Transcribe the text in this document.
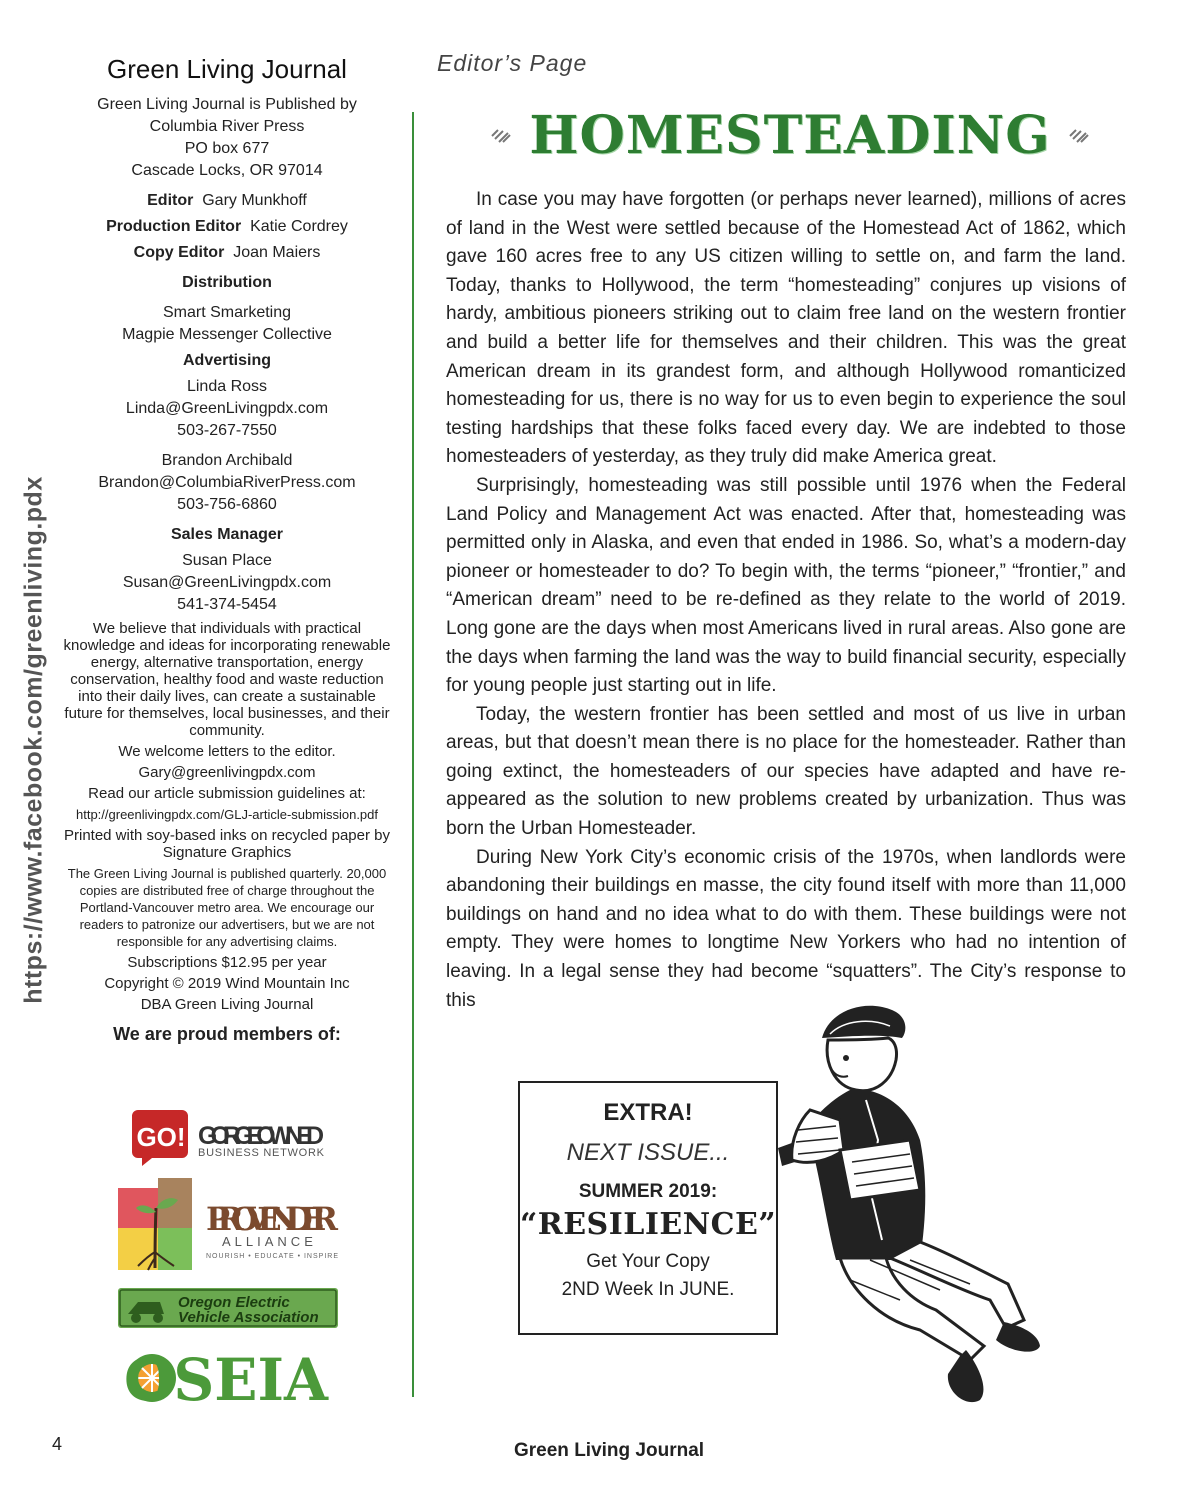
https://www.facebook.com/greenliving.pdx
Green Living Journal
Green Living Journal is Published by
Columbia River Press
PO box 677
Cascade Locks, OR 97014
Editor Gary Munkhoff
Production Editor Katie Cordrey
Copy Editor Joan Maiers
Distribution
Smart Smarketing
Magpie Messenger Collective
Advertising
Linda Ross
Linda@GreenLivingpdx.com
503-267-7550
Brandon Archibald
Brandon@ColumbiaRiverPress.com
503-756-6860
Sales Manager
Susan Place
Susan@GreenLivingpdx.com
541-374-5454
We believe that individuals with practical knowledge and ideas for incorporating renewable energy, alternative transportation, energy conservation, healthy food and waste reduction into their daily lives, can create a sustainable future for themselves, local businesses, and their community.
We welcome letters to the editor.
Gary@greenlivingpdx.com
Read our article submission guidelines at:
http://greenlivingpdx.com/GLJ-article-submission.pdf
Printed with soy-based inks on recycled paper by Signature Graphics
The Green Living Journal is published quarterly. 20,000 copies are distributed free of charge throughout the Portland-Vancouver metro area. We encourage our readers to patronize our advertisers, but we are not responsible for any advertising claims.
Subscriptions $12.95 per year
Copyright © 2019 Wind Mountain Inc
DBA Green Living Journal
We are proud members of:
GO! GORGE OWNED
BUSINESS NETWORK
PROVENDER
ALLIANCE
NOURISH • EDUCATE • INSPIRE
Oregon Electric
Vehicle Association
OSEIA
Editor’s Page
HOMESTEADING

In case you may have forgotten (or perhaps never learned), millions of acres of land in the West were settled because of the Homestead Act of 1862, which gave 160 acres free to any US citizen willing to settle on, and farm the land. Today, thanks to Hollywood, the term “homesteading” conjures up visions of hardy, ambitious pioneers striking out to claim free land on the western frontier and build a better life for themselves and their children. This was the great American dream in its grandest form, and although Hollywood romanticized homesteading for us, there is no way for us to even begin to experience the soul testing hardships that these folks faced every day. We are indebted to those homesteaders of yesterday, as they truly did make America great.

Surprisingly, homesteading was still possible until 1976 when the Federal Land Policy and Management Act was enacted. After that, homesteading was permitted only in Alaska, and even that ended in 1986. So, what’s a modern-day pioneer or homesteader to do? To begin with, the terms “pioneer,” “frontier,” and “American dream” need to be re-defined as they relate to the world of 2019. Long gone are the days when most Americans lived in rural areas. Also gone are the days when farming the land was the way to build financial security, especially for young people just starting out in life.

Today, the western frontier has been settled and most of us live in urban areas, but that doesn’t mean there is no place for the homesteader. Rather than going extinct, the homesteaders of our species have adapted and have re-appeared as the solution to new problems created by urbanization. Thus was born the Urban Homesteader.

During New York City’s economic crisis of the 1970s, when landlords were abandoning their buildings en masse, the city found itself with more than 11,000 buildings on hand and no idea what to do with them. These buildings were not empty. They were homes to longtime New Yorkers who had no intention of leaving. In a legal sense they had become “squatters”. The City’s response to this

EXTRA!
NEXT ISSUE...
SUMMER 2019:
“RESILIENCE”
Get Your Copy
2ND Week In JUNE.
4	Green Living Journal
